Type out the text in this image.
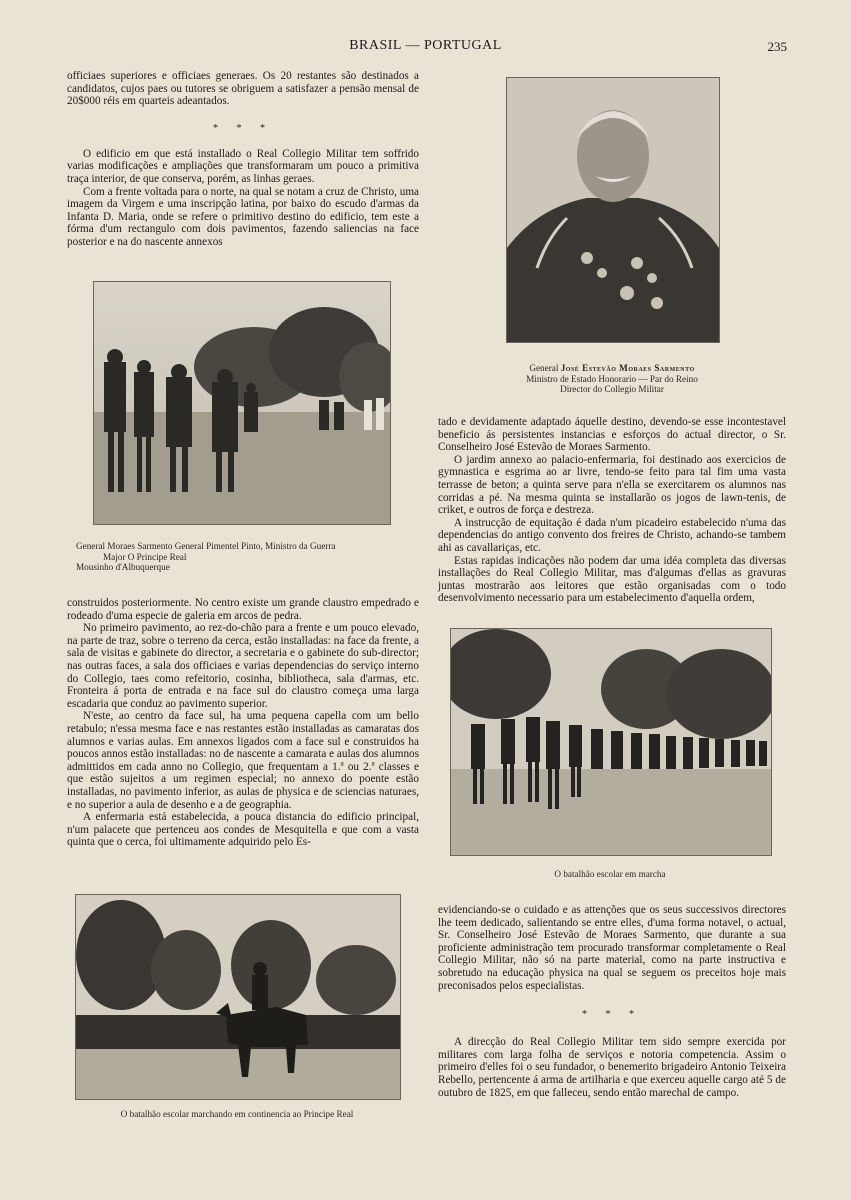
BRASIL — PORTUGAL	235

officiaes superiores e officiaes generaes. Os 20 restantes são destinados a candidatos, cujos paes ou tutores se obriguem a satisfazer a pensão mensal de 20$000 réis em quarteis adeantados.

* * *

O edificio em que está installado o Real Collegio Militar tem soffrido varias modificações e ampliações que transformaram um pouco a primitiva traça interior, de que conserva, porém, as linhas geraes.

Com a frente voltada para o norte, na qual se notam a cruz de Christo, uma imagem da Virgem e uma inscripção latina, por baixo do escudo d'armas da Infanta D. Maria, onde se refere o primitivo destino do edificio, tem este a fórma d'um rectangulo com dois pavimentos, fazendo saliencias na face posterior e na do nascente annexos

General Moraes Sarmento General Pimentel Pinto, Ministro da Guerra
Major O Principe Real
Mousinho d'Albuquerque

construidos posteriormente. No centro existe um grande claustro empedrado e rodeado d'uma especie de galeria em arcos de pedra.

No primeiro pavimento, ao rez-do-chão para a frente e um pouco elevado, na parte de traz, sobre o terreno da cerca, estão installadas: na face da frente, a sala de visitas e gabinete do director, a secretaria e o gabinete do sub-director; nas outras faces, a sala dos officiaes e varias dependencias do serviço interno do Collegio, taes como refeitorio, cosinha, bibliotheca, sala d'armas, etc. Fronteira á porta de entrada e na face sul do claustro começa uma larga escadaria que conduz ao pavimento superior.

N'este, ao centro da face sul, ha uma pequena capella com um bello retabulo; n'essa mesma face e nas restantes estão installadas as camaratas dos alumnos e varias aulas. Em annexos ligados com a face sul e construidos ha poucos annos estão installadas: no de nascente a camarata e aulas dos alumnos admittidos em cada anno no Collegio, que frequentam a 1.ª ou 2.ª classes e que estão sujeitos a um regimen especial; no annexo do poente estão installadas, no pavimento inferior, as aulas de physica e de sciencias naturaes, e no superior a aula de desenho e a de geographia.

A enfermaria está estabelecida, a pouca distancia do edificio principal, n'um palacete que pertenceu aos condes de Mesquitella e que com a vasta quinta que o cerca, foi ultimamente adquirido pelo Es-

O batalhão escolar marchando em continencia ao Principe Real
General José Estevão Moraes Sarmento
Ministro de Estado Honorario — Par do Reino
Director do Collegio Militar

tado e devidamente adaptado áquelle destino, devendo-se esse incontestavel beneficio ás persistentes instancias e esforços do actual director, o Sr. Conselheiro José Estevão de Moraes Sarmento.

O jardim annexo ao palacio-enfermaria, foi destinado aos exercicios de gymnastica e esgrima ao ar livre, tendo-se feito para tal fim uma vasta terrasse de beton; a quinta serve para n'ella se exercitarem os alumnos nas corridas a pé. Na mesma quinta se installarão os jogos de lawn-tenis, de criket, e outros de força e destreza.

A instrucção de equitação é dada n'um picadeiro estabelecido n'uma das dependencias do antigo convento dos freires de Christo, achando-se tambem ahi as cavallariças, etc.

Estas rapidas indicações não podem dar uma idéa completa das diversas installações do Real Collegio Militar, mas d'algumas d'ellas as gravuras juntas mostrarão aos leitores que estão organisadas com o todo desenvolvimento necessario para um estabelecimento d'aquella ordem,

O batalhão escolar em marcha

evidenciando-se o cuidado e as attenções que os seus successivos directores lhe teem dedicado, salientando se entre elles, d'uma forma notavel, o actual, Sr. Conselheiro José Estevão de Moraes Sarmento, que durante a sua proficiente administração tem procurado transformar completamente o Real Collegio Militar, não só na parte material, como na parte instructiva e sobretudo na educação physica na qual se seguem os preceitos hoje mais preconisados pelos especialistas.

* * *

A direcção do Real Collegio Militar tem sido sempre exercida por militares com larga folha de serviços e notoria competencia. Assim o primeiro d'elles foi o seu fundador, o benemerito brigadeiro Antonio Teixeira Rebello, pertencente á arma de artilharia e que exerceu aquelle cargo até 5 de outubro de 1825, em que falleceu, sendo então marechal de campo.
